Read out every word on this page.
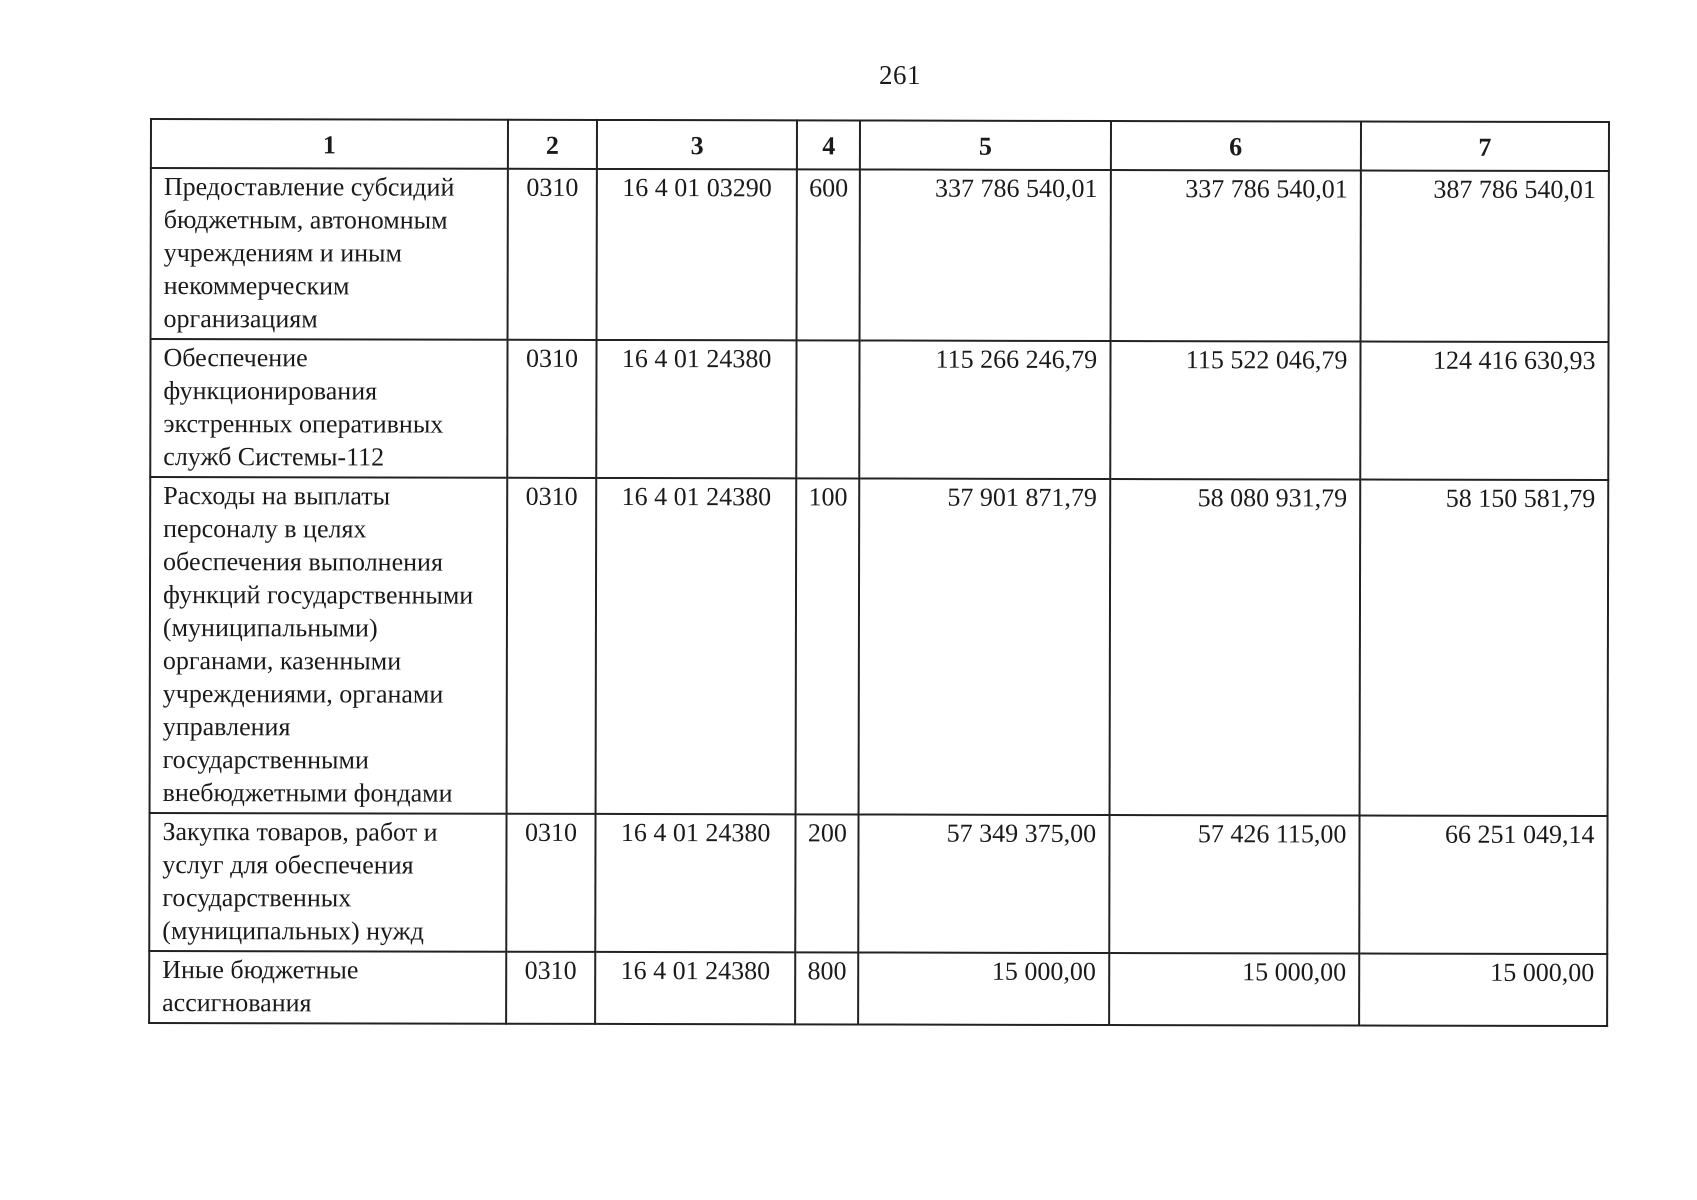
261
1	2	3	4	5	6	7
Предоставление субсидий бюджетным, автономным учреждениям и иным некоммерческим организациям	0310	16 4 01 03290	600	337 786 540,01	337 786 540,01	387 786 540,01
Обеспечение функционирования экстренных оперативных служб Системы-112	0310	16 4 01 24380		115 266 246,79	115 522 046,79	124 416 630,93
Расходы на выплаты персоналу в целях обеспечения выполнения функций государственными (муниципальными) органами, казенными учреждениями, органами управления государственными внебюджетными фондами	0310	16 4 01 24380	100	57 901 871,79	58 080 931,79	58 150 581,79
Закупка товаров, работ и услуг для обеспечения государственных (муниципальных) нужд	0310	16 4 01 24380	200	57 349 375,00	57 426 115,00	66 251 049,14
Иные бюджетные ассигнования	0310	16 4 01 24380	800	15 000,00	15 000,00	15 000,00
